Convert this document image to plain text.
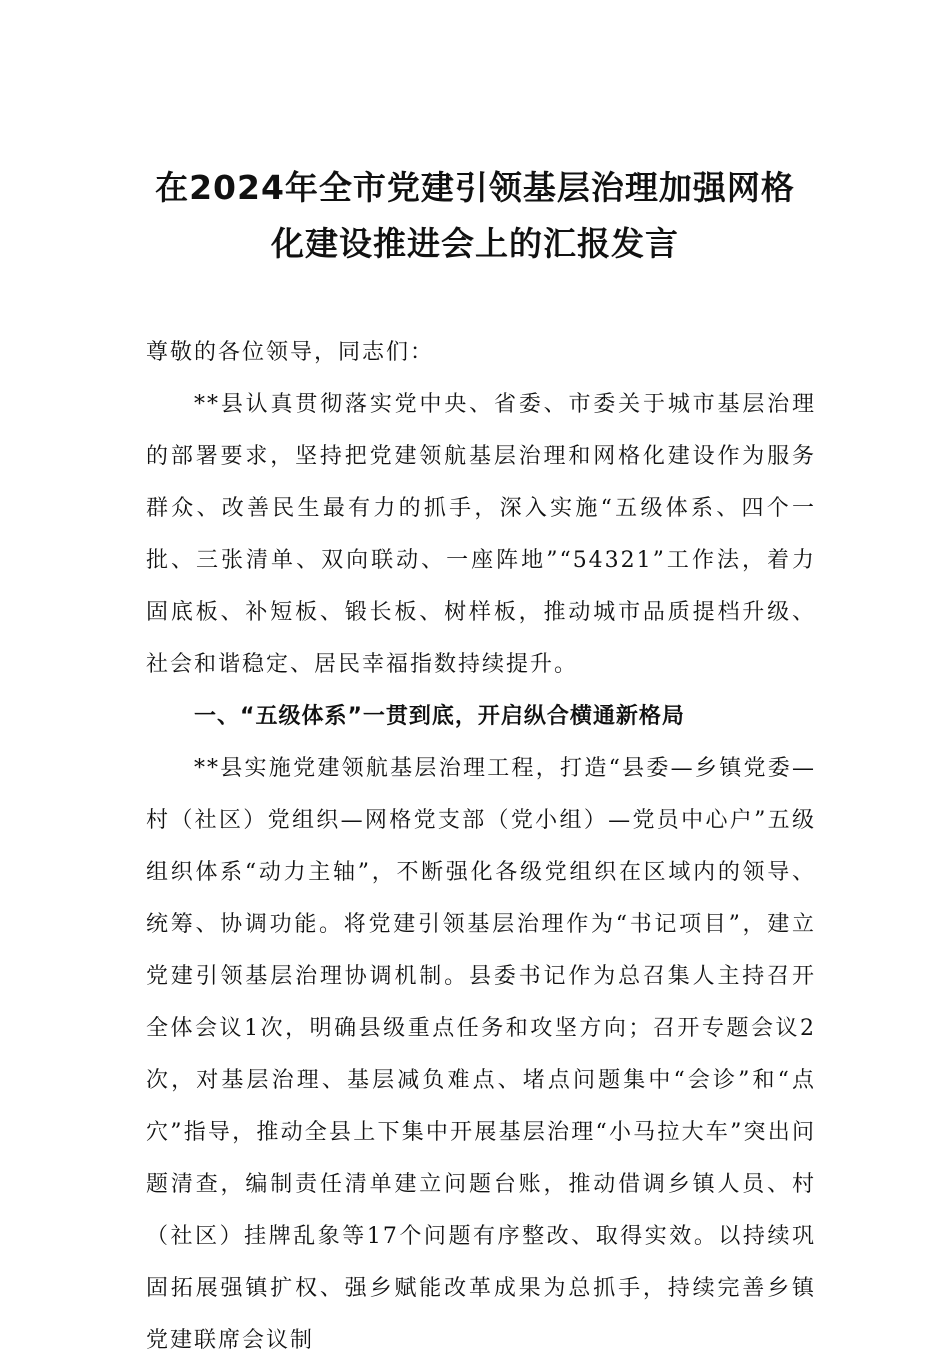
在2024年全市党建引领基层治理加强网格
化建设推进会上的汇报发言

尊敬的各位领导，同志们：

**县认真贯彻落实党中央、省委、市委关于城市基层治理的部署要求，坚持把党建领航基层治理和网格化建设作为服务群众、改善民生最有力的抓手，深入实施“五级体系、四个一批、三张清单、双向联动、一座阵地”“54321”工作法，着力固底板、补短板、锻长板、树样板，推动城市品质提档升级、社会和谐稳定、居民幸福指数持续提升。

一、“五级体系”一贯到底，开启纵合横通新格局

**县实施党建领航基层治理工程，打造“县委—乡镇党委—村（社区）党组织—网格党支部（党小组）—党员中心户”五级组织体系“动力主轴”，不断强化各级党组织在区域内的领导、统筹、协调功能。将党建引领基层治理作为“书记项目”，建立党建引领基层治理协调机制。县委书记作为总召集人主持召开全体会议1次，明确县级重点任务和攻坚方向；召开专题会议2次，对基层治理、基层减负难点、堵点问题集中“会诊”和“点穴”指导，推动全县上下集中开展基层治理“小马拉大车”突出问题清查，编制责任清单建立问题台账，推动借调乡镇人员、村（社区）挂牌乱象等17个问题有序整改、取得实效。以持续巩固拓展强镇扩权、强乡赋能改革成果为总抓手，持续完善乡镇党建联席会议制
